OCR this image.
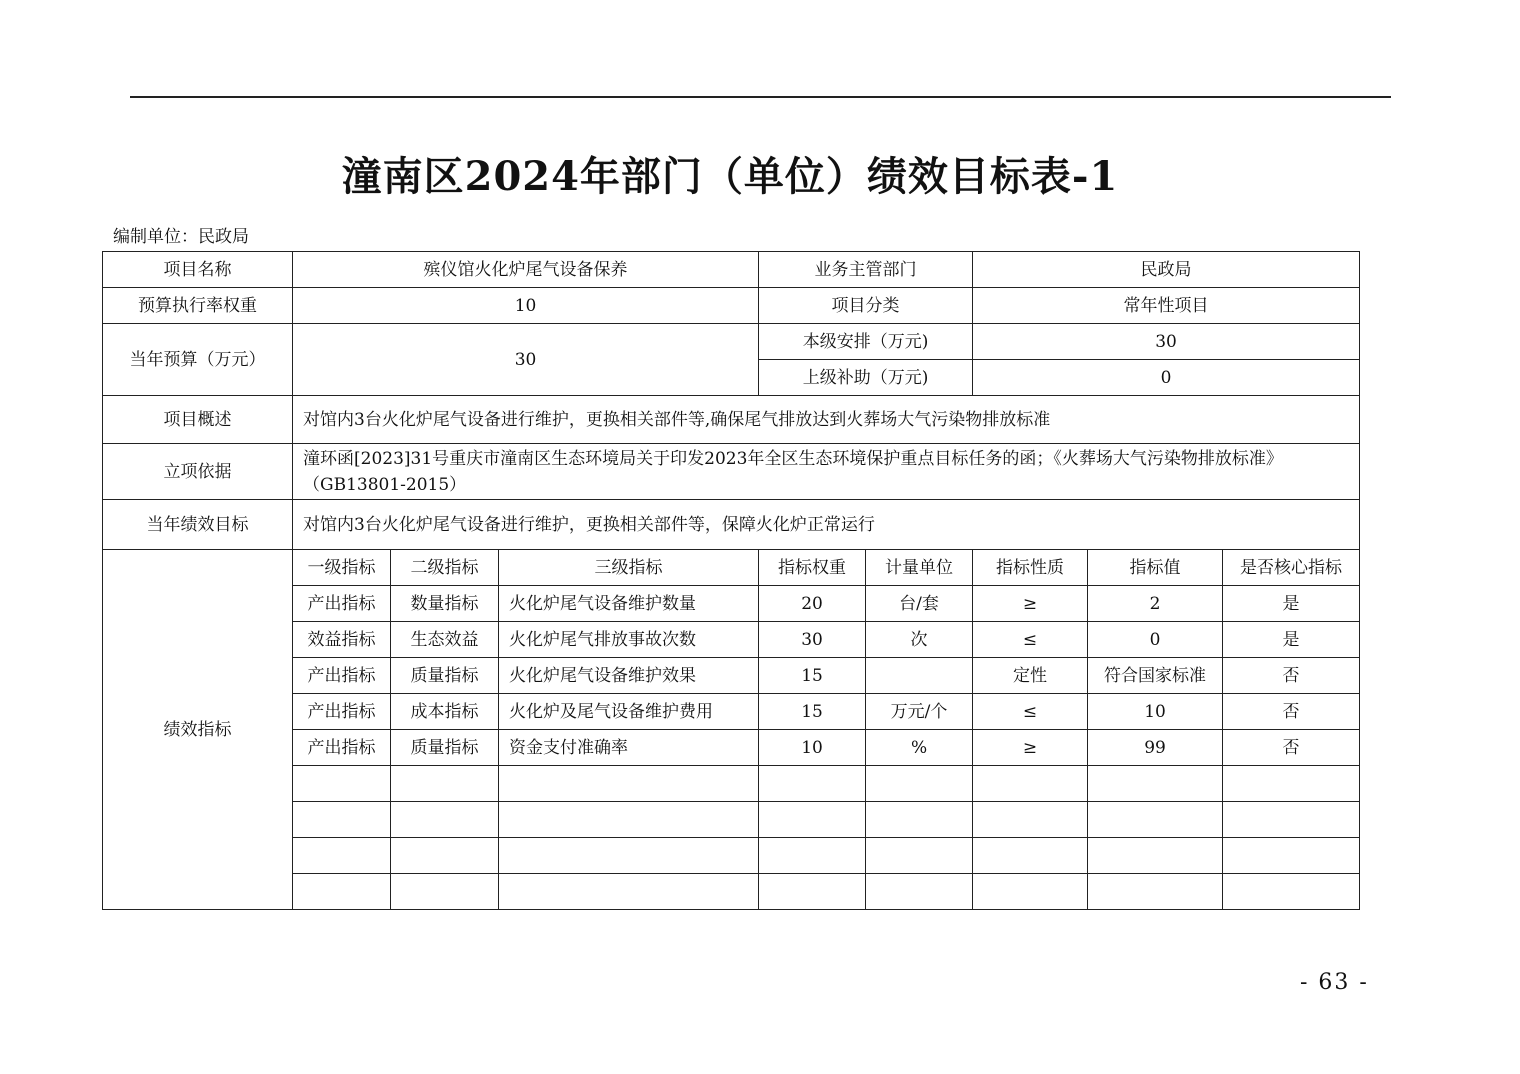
潼南区2024年部门（单位）绩效目标表-1
编制单位：民政局
项目名称	殡仪馆火化炉尾气设备保养			业务主管部门		民政局		
预算执行率权重	10			项目分类		常年性项目		
当年预算（万元）	30			本级安排（万元)		30		
				上级补助（万元)		0		
项目概述	对馆内3台火化炉尾气设备进行维护，更换相关部件等,确保尾气排放达到火葬场大气污染物排放标准							
立项依据	潼环函[2023]31号重庆市潼南区生态环境局关于印发2023年全区生态环境保护重点目标任务的函；《火葬场大气污染物排放标准》（GB13801-2015）							
当年绩效目标	对馆内3台火化炉尾气设备进行维护，更换相关部件等，保障火化炉正常运行							
绩效指标	一级指标	二级指标	三级指标	指标权重	计量单位	指标性质	指标值	是否核心指标
	产出指标	数量指标	火化炉尾气设备维护数量	20	台/套	≥	2	是
	效益指标	生态效益	火化炉尾气排放事故次数	30	次	≤	0	是
	产出指标	质量指标	火化炉尾气设备维护效果	15		定性	符合国家标准	否
	产出指标	成本指标	火化炉及尾气设备维护费用	15	万元/个	≤	10	否
	产出指标	质量指标	资金支付准确率	10	%	≥	99	否

- 63 -
